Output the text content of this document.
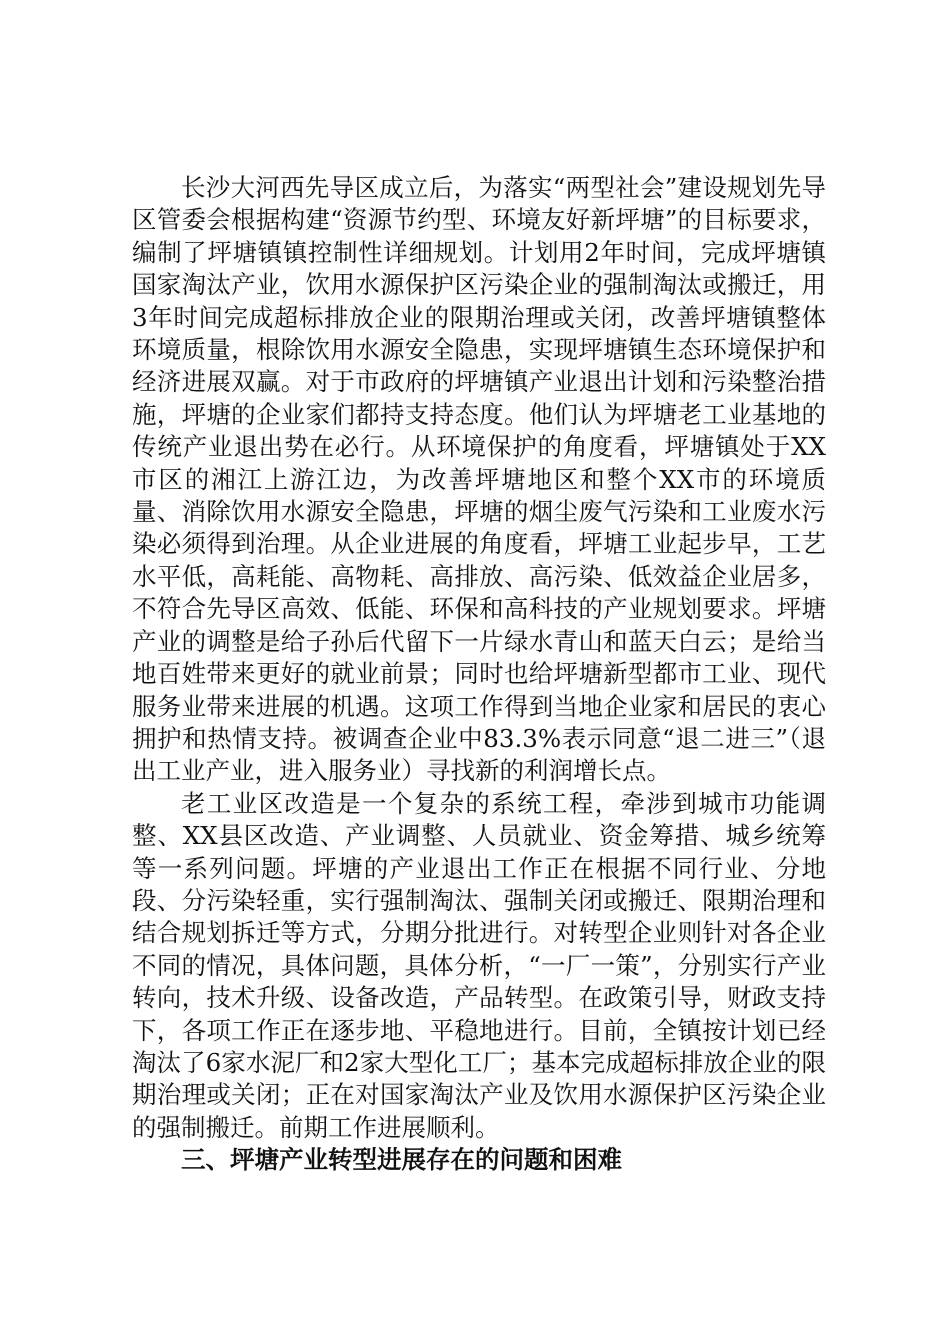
长沙大河西先导区成立后，为落实“两型社会”建设规划先导区管委会根据构建“资源节约型、环境友好新坪塘”的目标要求，编制了坪塘镇镇控制性详细规划。计划用2年时间，完成坪塘镇国家淘汰产业，饮用水源保护区污染企业的强制淘汰或搬迁，用3年时间完成超标排放企业的限期治理或关闭，改善坪塘镇整体环境质量，根除饮用水源安全隐患，实现坪塘镇生态环境保护和经济进展双赢。对于市政府的坪塘镇产业退出计划和污染整治措施，坪塘的企业家们都持支持态度。他们认为坪塘老工业基地的传统产业退出势在必行。从环境保护的角度看，坪塘镇处于XX市区的湘江上游江边，为改善坪塘地区和整个XX市的环境质量、消除饮用水源安全隐患，坪塘的烟尘废气污染和工业废水污染必须得到治理。从企业进展的角度看，坪塘工业起步早，工艺水平低，高耗能、高物耗、高排放、高污染、低效益企业居多，不符合先导区高效、低能、环保和高科技的产业规划要求。坪塘产业的调整是给子孙后代留下一片绿水青山和蓝天白云；是给当地百姓带来更好的就业前景；同时也给坪塘新型都市工业、现代服务业带来进展的机遇。这项工作得到当地企业家和居民的衷心拥护和热情支持。被调查企业中83.3%表示同意“退二进三”（退出工业产业，进入服务业）寻找新的利润增长点。

老工业区改造是一个复杂的系统工程，牵涉到城市功能调整、XX县区改造、产业调整、人员就业、资金筹措、城乡统筹等一系列问题。坪塘的产业退出工作正在根据不同行业、分地段、分污染轻重，实行强制淘汰、强制关闭或搬迁、限期治理和结合规划拆迁等方式，分期分批进行。对转型企业则针对各企业不同的情况，具体问题，具体分析，“一厂一策”，分别实行产业转向，技术升级、设备改造，产品转型。在政策引导，财政支持下，各项工作正在逐步地、平稳地进行。目前，全镇按计划已经淘汰了6家水泥厂和2家大型化工厂；基本完成超标排放企业的限期治理或关闭；正在对国家淘汰产业及饮用水源保护区污染企业的强制搬迁。前期工作进展顺利。

三、坪塘产业转型进展存在的问题和困难
